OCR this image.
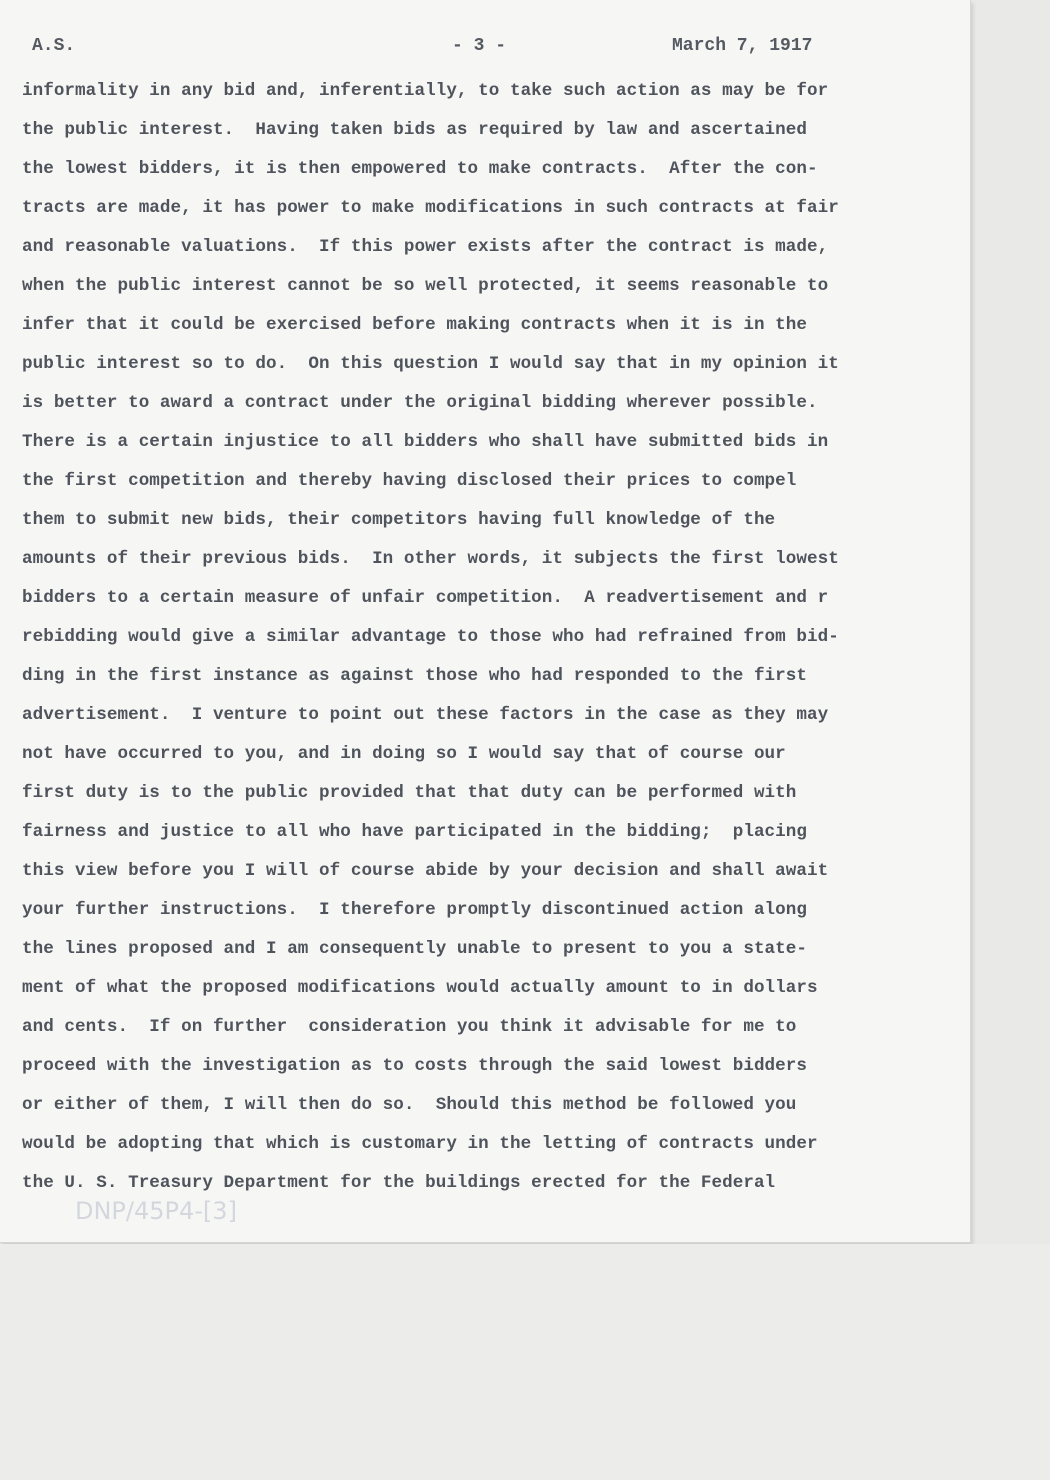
A.S.	- 3 -	March 7, 1917
informality in any bid and, inferentially, to take such action as may be for
the public interest.  Having taken bids as required by law and ascertained
the lowest bidders, it is then empowered to make contracts.  After the con-
tracts are made, it has power to make modifications in such contracts at fair
and reasonable valuations.  If this power exists after the contract is made,
when the public interest cannot be so well protected, it seems reasonable to
infer that it could be exercised before making contracts when it is in the
public interest so to do.  On this question I would say that in my opinion it
is better to award a contract under the original bidding wherever possible.
There is a certain injustice to all bidders who shall have submitted bids in
the first competition and thereby having disclosed their prices to compel
them to submit new bids, their competitors having full knowledge of the
amounts of their previous bids.  In other words, it subjects the first lowest
bidders to a certain measure of unfair competition.  A readvertisement and r
rebidding would give a similar advantage to those who had refrained from bid-
ding in the first instance as against those who had responded to the first
advertisement.  I venture to point out these factors in the case as they may
not have occurred to you, and in doing so I would say that of course our
first duty is to the public provided that that duty can be performed with
fairness and justice to all who have participated in the bidding;  placing
this view before you I will of course abide by your decision and shall await
your further instructions.  I therefore promptly discontinued action along
the lines proposed and I am consequently unable to present to you a state-
ment of what the proposed modifications would actually amount to in dollars
and cents.  If on further  consideration you think it advisable for me to
proceed with the investigation as to costs through the said lowest bidders
or either of them, I will then do so.  Should this method be followed you
would be adopting that which is customary in the letting of contracts under
the U. S. Treasury Department for the buildings erected for the Federal
DNP/45P4-[3]
